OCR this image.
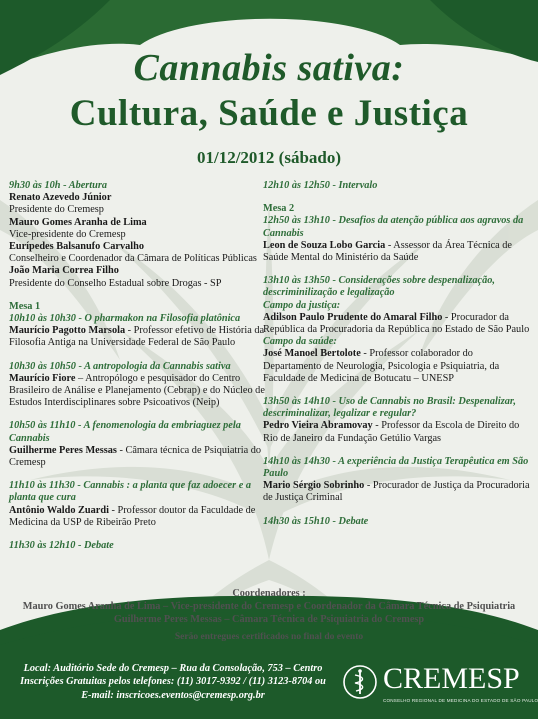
Cannabis sativa:
Cultura, Saúde e Justiça
01/12/2012 (sábado)
9h30 às 10h - Abertura
Renato Azevedo Júnior
Presidente do Cremesp
Mauro Gomes Aranha de Lima
Vice-presidente do Cremesp
Eurípedes Balsanufo Carvalho
Conselheiro e Coordenador da Câmara de Políticas Públicas
João Maria Correa Filho
Presidente do Conselho Estadual sobre Drogas - SP
Mesa 1
10h10 às 10h30 - O pharmakon na Filosofia platônica
Maurício Pagotto Marsola - Professor efetivo de História da Filosofia Antiga na Universidade Federal de São Paulo
10h30 às 10h50 - A antropologia da Cannabis sativa
Maurício Fiore – Antropólogo e pesquisador do Centro Brasileiro de Análise e Planejamento (Cebrap) e do Núcleo de Estudos Interdisciplinares sobre Psicoativos (Neip)
10h50 às 11h10 - A fenomenologia da embriaguez pela Cannabis
Guilherme Peres Messas - Câmara técnica de Psiquiatria do Cremesp
11h10 às 11h30 - Cannabis : a planta que faz adoecer e a planta que cura
Antônio Waldo Zuardi - Professor doutor da Faculdade de Medicina da USP de Ribeirão Preto
11h30 às 12h10 - Debate
12h10 às 12h50 - Intervalo
Mesa 2
12h50 às 13h10 - Desafios da atenção pública aos agravos da Cannabis
Leon de Souza Lobo Garcia - Assessor da Área Técnica de Saúde Mental do Ministério da Saúde
13h10 às 13h50 - Considerações sobre despenalização, descriminilização e legalização
Campo da justiça:
Adilson Paulo Prudente do Amaral Filho - Procurador da República da Procuradoria da República no Estado de São Paulo
Campo da saúde:
José Manoel Bertolote - Professor colaborador do Departamento de Neurologia, Psicologia e Psiquiatria, da Faculdade de Medicina de Botucatu – UNESP
13h50 às 14h10 - Uso de Cannabis no Brasil: Despenalizar, descriminalizar, legalizar e regular?
Pedro Vieira Abramovay - Professor da Escola de Direito do Rio de Janeiro da Fundação Getúlio Vargas
14h10 às 14h30 - A experiência da Justiça Terapêutica em São Paulo
Mario Sérgio Sobrinho - Procurador de Justiça da Procuradoria de Justiça Criminal
14h30 às 15h10 - Debate
Coordenadores :
Mauro Gomes Aranha de Lima – Vice-presidente do Cremesp e Coordenador da Câmara Técnica de Psiquiatria
Guilherme Peres Messas – Câmara Técnica de Psiquiatria do Cremesp
Serão entregues certificados no final do evento
Local: Auditório Sede do Cremesp – Rua da Consolação, 753 – Centro
Inscrições Gratuitas pelos telefones: (11) 3017-9392 / (11) 3123-8704 ou
E-mail: inscricoes.eventos@cremesp.org.br
CREMESP
CONSELHO REGIONAL DE MEDICINA DO ESTADO DE SÃO PAULO
